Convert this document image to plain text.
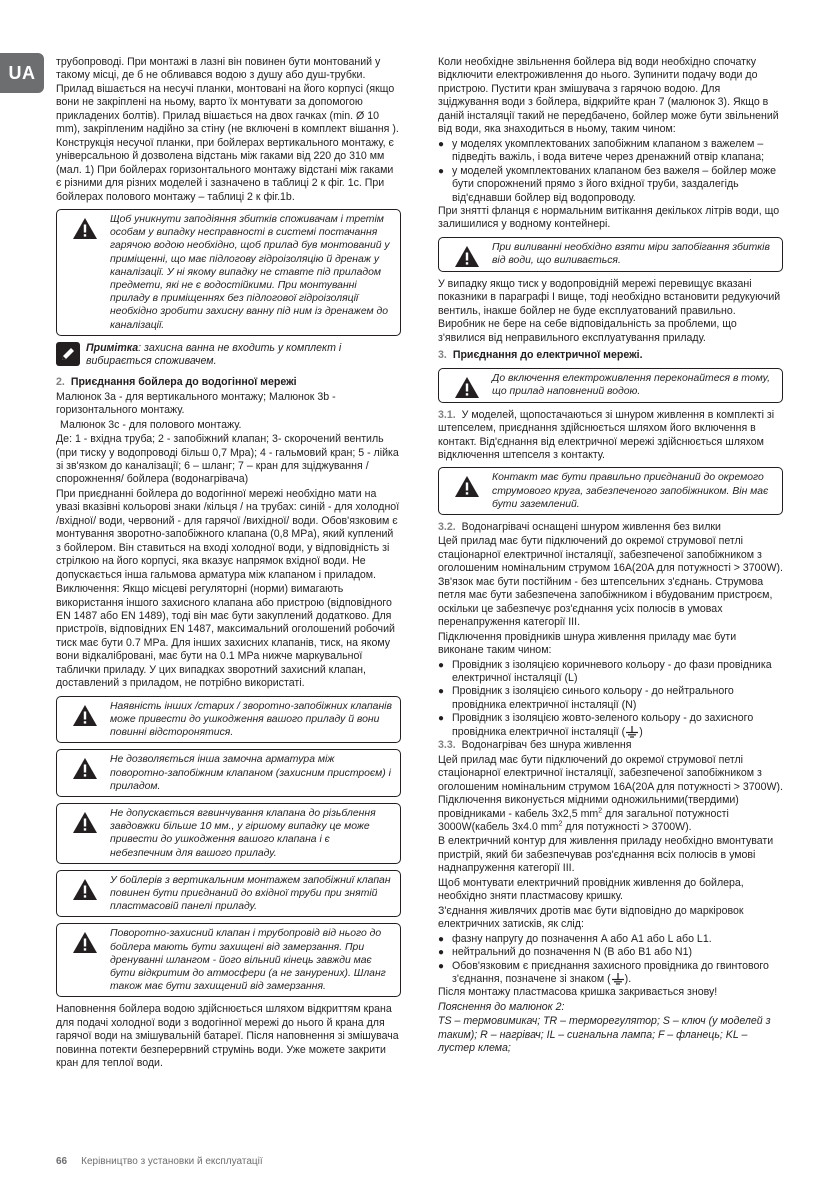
UA

трубопроводі. При монтажі в лазні він повинен бути монтований у такому місці, де б не обливався водою з душу або душ-трубки. Прилад вішається на несучі планки, монтовані на його корпусі (якщо вони не закріплені на ньому, варто їх монтувати за допомогою прикладених болтів). Прилад вішається на двох гачках (min. Ø 10 mm), закріпленим надійно за стіну (не включені в комплект вішання ). Конструкція несучої планки, при бойлерах вертикального монтажу, є універсальною й дозволена відстань між гаками від 220 до 310 мм (мал. 1) При бойлерах горизонтального монтажу відстані між гаками є різними для різних моделей і зазначено в таблиці 2 к фіг. 1c. При бойлерах полового монтажу – таблиці 2 к фіг.1b.

Щоб уникнути заподіяння збитків споживачам і третім особам у випадку несправності в системі постачання гарячою водою необхідно, щоб прилад був монтований у приміщенні, що має підлогову гідроізоляцію й дренаж у каналізації. У ні якому випадку не ставте під приладом предмети, які не є водостійкими. При монтуванні приладу в приміщеннях без підлогової гідроізоляції необхідно зробити захисну ванну під ним із дренажем до каналізації.
Примітка: захисна ванна не входить у комплект і вибирається споживачем.
2. Приєднання бойлера до водогінної мережі

Малюнок 3а - для вертикального монтажу; Малюнок 3b - горизонтального монтажу.

Малюнок 3c - для полового монтажу.

Де: 1 - вхідна труба; 2 - запобіжний клапан; 3- скорочений вентиль (при тиску у водопроводі більш 0,7 Mpa); 4 - гальмовий кран; 5 - лійка зі зв'язком до каналізації; 6 – шланг; 7 – кран для зціджування / спорожнення/ бойлера (водонагрівача)

При приєднанні бойлера до водогінної мережі необхідно мати на увазі вказівні кольорові знаки /кільця / на трубах: синій - для холодної /вхідної/ води, червоний - для гарячої /вихідної/ води. Обов'язковим є монтування зворотно-запобіжного клапана (0,8 MPa), який куплений з бойлером. Він ставиться на вході холодної води, у відповідність зі стрілкою на його корпусі, яка вказує напрямок вхідної води. Не допускається інша гальмова арматура між клапаном і приладом.

Виключення: Якщо місцеві регуляторні (норми) вимагають використання іншого захисного клапана або пристрою (відповідного EN 1487 або EN 1489), тоді він має бути закуплений додатково. Для пристроїв, відповідних EN 1487, максимальний оголошений робочий тиск має бути 0.7 MPa. Для інших захисних клапанів, тиск, на якому вони відкалібровані, має бути на 0.1 MPa нижче маркувальної таблички приладу. У цих випадках зворотний захисний клапан, доставлений з приладом, не потрібно використаті.

Наявність інших /старих / зворотно-запобіжних клапанів може привести до ушкодження вашого приладу й вони повинні відсторонятися.
Не дозволяється інша замочна арматура між поворотно-запобіжним клапаном (захисним пристроєм) і приладом.
Не допускається вгвинчування клапана до різьблення завдовжки більше 10 мм., у гіршому випадку це може привести до ушкодження вашого клапана і є небезпечним для вашого приладу.
У бойлерів з вертикальним монтажем запобіжниї клапан повинен бути приєднаний до вхідної труби при знятій пластмасовій панелі приладу.
Поворотно-захисний клапан і трубопровід від нього до бойлера мають бути захищені від замерзання. При дренуванні шлангом - його вільний кінець завжди має бути відкритим до атмосфери (а не занурених). Шланг також має бути захищений від замерзання.

Наповнення бойлера водою здійснюється шляхом відкриттям крана для подачі холодної води з водогінної мережі до нього й крана для гарячої води на змішувальній батареї. Після наповнення зі змішувача повинна потекти безперервний струмінь води. Уже можете закрити кран для теплої води.

Коли необхідне звільнення бойлера від води необхідно спочатку відключити електроживлення до нього. Зупинити подачу води до пристрою. Пустити кран змішувача з гарячою водою. Для зціджування води з бойлера, відкрийте кран 7 (малюнок 3). Якщо в даній інсталяції такий не передбачено, бойлер може бути звільнений від води, яка знаходиться в ньому, таким чином:

● у моделях укомплектованих запобіжним клапаном з важелем – підведіть важіль, і вода витече через дренажний отвір клапана;
● у моделей укомплектованих клапаном без важеля – бойлер може бути спорожнений прямо з його вхідної труби, заздалегідь від'єднавши бойлер від водопроводу.

При знятті фланця є нормальним витікання декількох літрів води, що залишилися у водному контейнері.

При виливанні необхідно взяти міри запобігання збитків від води, що виливається.

У випадку якщо тиск у водопровідній мережі перевищує вказані показники в параграфі I вище, тоді необхідно встановити редукуючий вентиль, інакше бойлер не буде експлуатований правильно. Виробник не бере на себе відповідальність за проблеми, що з'явилися від неправильного експлуатування приладу.

3. Приєднання до електричної мережі.
До включення електроживлення переконайтеся в тому, що прилад наповнений водою.

3.1. У моделей, щопостачаються зі шнуром живлення в комплекті зі штепселем, приєднання здійснюється шляхом його включення в контакт. Від'єднання від електричної мережі здійснюється шляхом відключення штепселя з контакту.

Контакт має бути правильно приєднаний до окремого струмового круга, забезпеченого запобіжником. Він має бути заземлений.

3.2. Водонагрівачі оснащені шнуром живлення без вилки

Цей прилад має бути підключений до окремої струмової петлі стаціонарної електричної інсталяції, забезпеченої запобіжником з оголошеним номінальним струмом 16A(20A для потужності > 3700W). Зв'язок має бути постійним - без штепсельних з'єднань. Струмова петля має бути забезпечена запобіжником і вбудованим пристроєм, оскільки це забезпечує роз'єднання усіх полюсів в умовах перенапруження категорії III.

Підключення провідників шнура живлення приладу має бути виконане таким чином:

● Провідник з ізоляцією коричневого кольору - до фази провідника електричної інсталяції (L)
● Провідник з ізоляцією синього кольору - до нейтрального провідника електричної інсталяції (N)
● Провідник з ізоляцією жовто-зеленого кольору - до захисного провідника електричної інсталяції ( )

3.3. Водонагрівач без шнура живлення

Цей прилад має бути підключений до окремої струмової петлі стаціонарної електричної інсталяції, забезпеченої запобіжником з оголошеним номінальним струмом 16A(20A для потужності > 3700W). Підключення виконується мідними одножильними(твердими) провідниками - кабель 3x2,5 $mm^2$ для загальної потужності 3000W(кабель 3x4.0 $mm^2$ для потужності > 3700W).

В електричний контур для живлення приладу необхідно вмонтувати пристрій, який би забезпечував роз'єднання всіх полюсів в умові наднапруження категорії III.

Щоб монтувати електричний провідник живлення до бойлера, необхідно зняти пластмасову кришку.

З'єднання живлячих дротів має бути відповідно до маркіровок електричних затисків, як слід:

● фазну напругу до позначення A або A1 або L або L1.
● нейтральний до позначення N (B або B1 або N1)
● Обов'язковим є приєднання захисного провідника до гвинтового з'єднання, позначене зі знаком ( ).

Після монтажу пластмасова кришка закривається знову!

Пояснення до малюнок 2:

TS – термовимикач; TR – терморегулятор; S – ключ (у моделей з таким); R – нагрівач; IL – сигнальна лампа; F – фланець; KL – лустер клема;

66 Керівництво з установки й експлуатації
